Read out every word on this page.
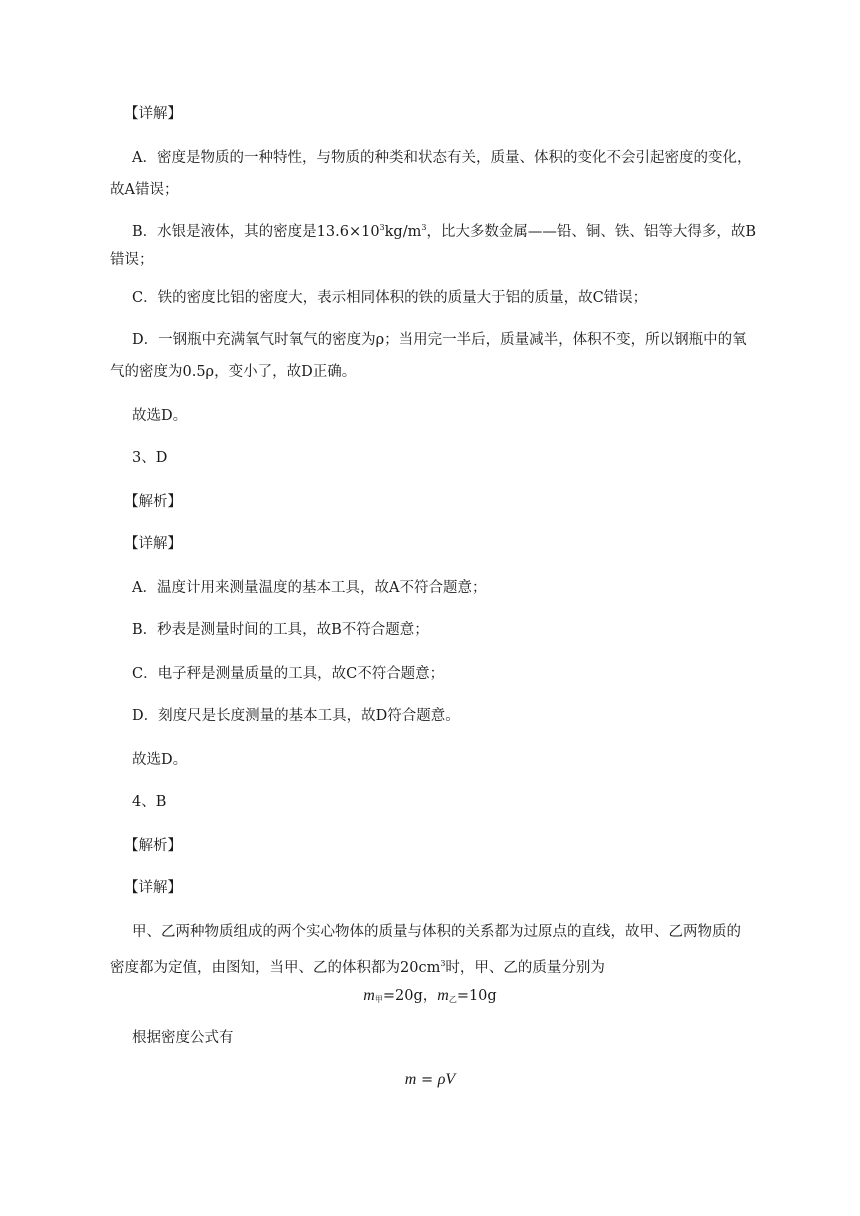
【详解】
A．密度是物质的一种特性，与物质的种类和状态有关，质量、体积的变化不会引起密度的变化，
故A错误；
B．水银是液体，其的密度是$13.6\times 10^3kg/m^3$，比大多数金属——铅、铜、铁、铝等大得多，故B
错误；
C．铁的密度比铝的密度大，表示相同体积的铁的质量大于铝的质量，故C错误；
D．一钢瓶中充满氧气时氧气的密度为ρ；当用完一半后，质量减半，体积不变，所以钢瓶中的氧
气的密度为0.5ρ，变小了，故D正确。
故选D。
3、D
【解析】
【详解】
A．温度计用来测量温度的基本工具，故A不符合题意；
B．秒表是测量时间的工具，故B不符合题意；
C．电子秤是测量质量的工具，故C不符合题意；
D．刻度尺是长度测量的基本工具，故D符合题意。
故选D。
4、B
【解析】
【详解】
甲、乙两种物质组成的两个实心物体的质量与体积的关系都为过原点的直线，故甲、乙两物质的
密度都为定值，由图知，当甲、乙的体积都为$20cm^3$时，甲、乙的质量分别为
m甲=20g，m乙=10g
根据密度公式有
m = ρV
